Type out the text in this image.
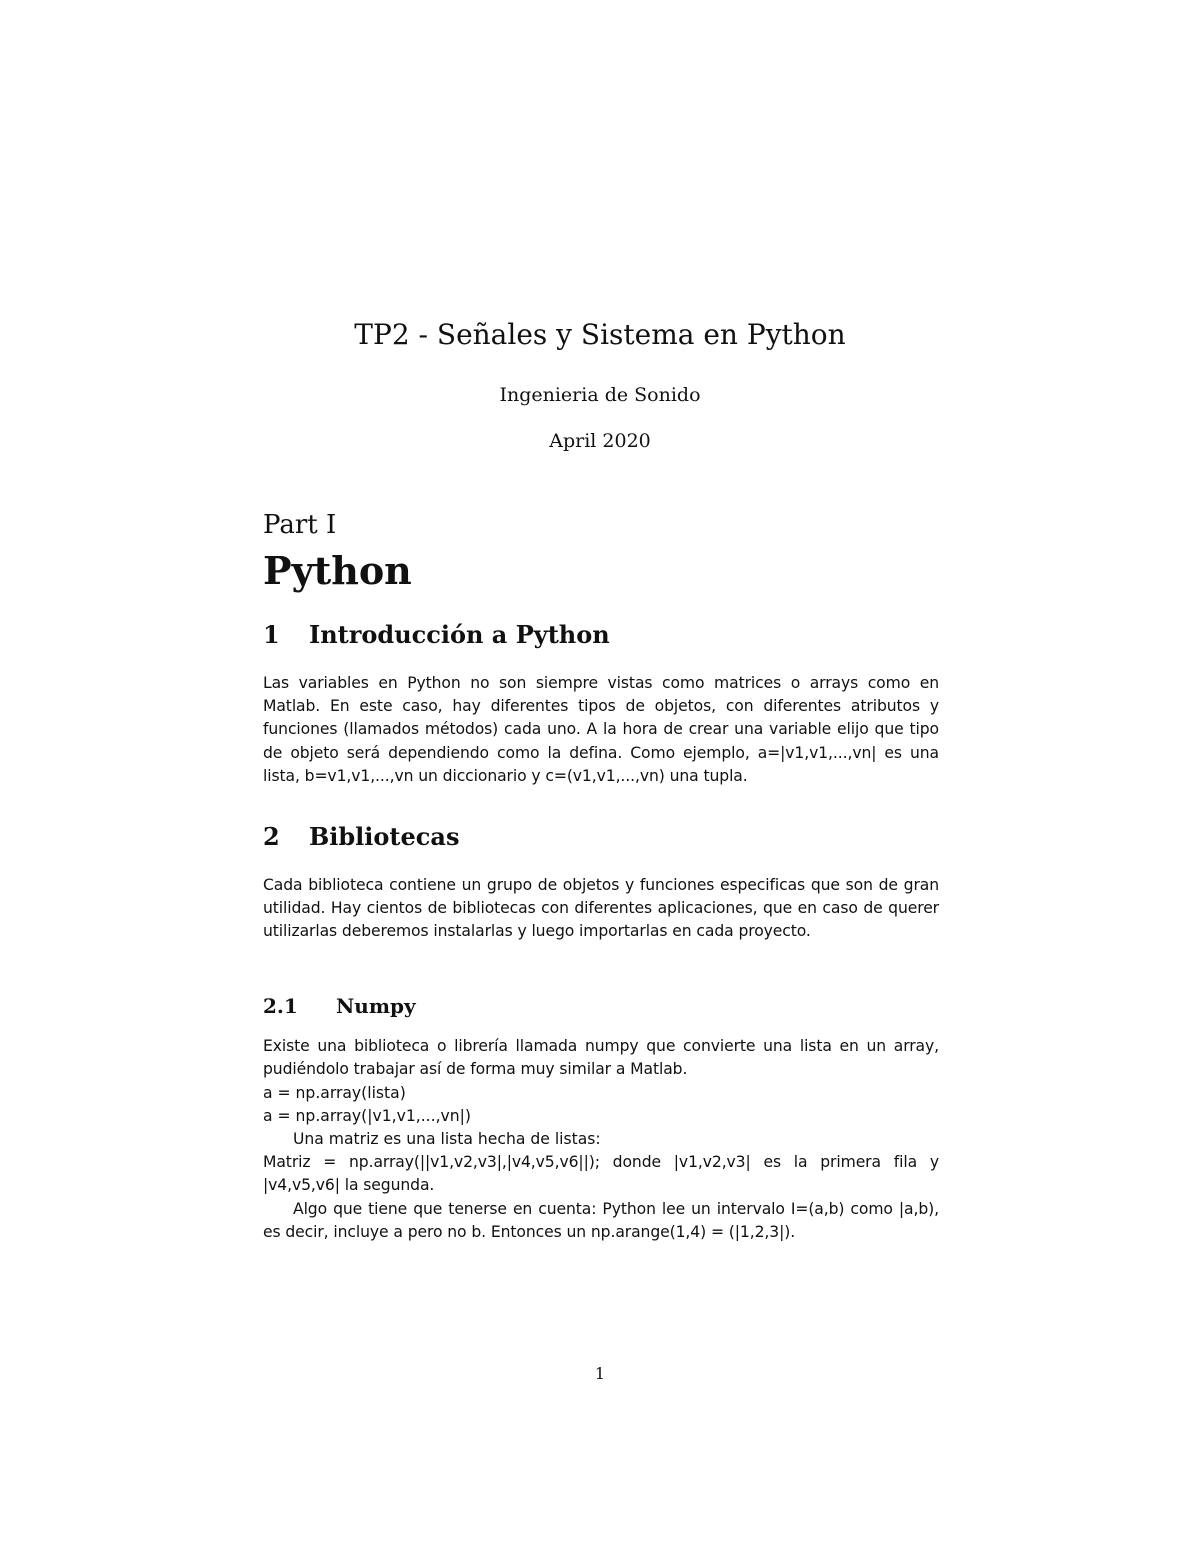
TP2 - Señales y Sistema en Python
Ingenieria de Sonido
April 2020
Part I
Python
1 Introducción a Python
Las variables en Python no son siempre vistas como matrices o arrays como en Matlab. En este caso, hay diferentes tipos de objetos, con diferentes atributos y funciones (llamados métodos) cada uno. A la hora de crear una variable elijo que tipo de objeto será dependiendo como la defina. Como ejemplo, a=|v1,v1,...,vn| es una lista, b=v1,v1,...,vn un diccionario y c=(v1,v1,...,vn) una tupla.
2 Bibliotecas
Cada biblioteca contiene un grupo de objetos y funciones especificas que son de gran utilidad. Hay cientos de bibliotecas con diferentes aplicaciones, que en caso de querer utilizarlas deberemos instalarlas y luego importarlas en cada proyecto.
2.1 Numpy
Existe una biblioteca o librería llamada numpy que convierte una lista en un array, pudiéndolo trabajar así de forma muy similar a Matlab.
a = np.array(lista)
a = np.array(|v1,v1,...,vn|)
Una matriz es una lista hecha de listas:
Matriz = np.array(||v1,v2,v3|,|v4,v5,v6||); donde |v1,v2,v3| es la primera fila y |v4,v5,v6| la segunda.
Algo que tiene que tenerse en cuenta: Python lee un intervalo I=(a,b) como |a,b), es decir, incluye a pero no b. Entonces un np.arange(1,4) = (|1,2,3|).
1
